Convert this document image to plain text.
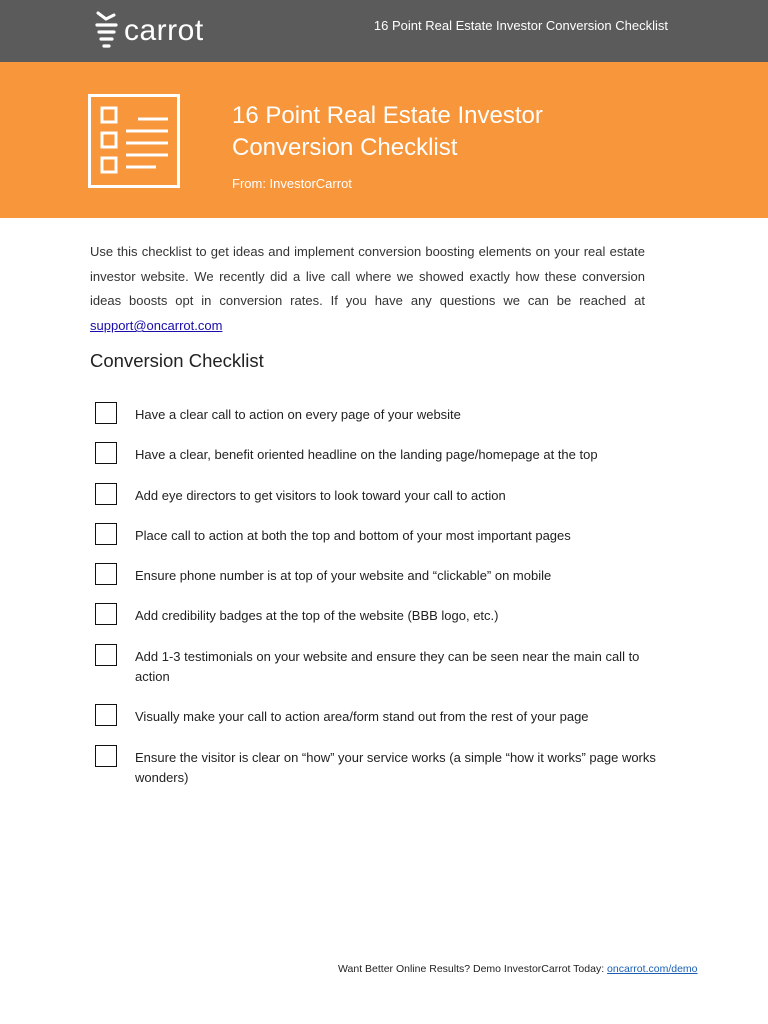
carrot	16 Point Real Estate Investor Conversion Checklist
16 Point Real Estate Investor Conversion Checklist
From: InvestorCarrot

Use this checklist to get ideas and implement conversion boosting elements on your real estate investor website. We recently did a live call where we showed exactly how these conversion ideas boosts opt in conversion rates. If you have any questions we can be reached at support@oncarrot.com

Conversion Checklist
Have a clear call to action on every page of your website
Have a clear, benefit oriented headline on the landing page/homepage at the top
Add eye directors to get visitors to look toward your call to action
Place call to action at both the top and bottom of your most important pages
Ensure phone number is at top of your website and “clickable” on mobile
Add credibility badges at the top of the website (BBB logo, etc.)
Add 1-3 testimonials on your website and ensure they can be seen near the main call to action
Visually make your call to action area/form stand out from the rest of your page
Ensure the visitor is clear on “how” your service works (a simple “how it works” page works wonders)
Want Better Online Results? Demo InvestorCarrot Today: oncarrot.com/demo
